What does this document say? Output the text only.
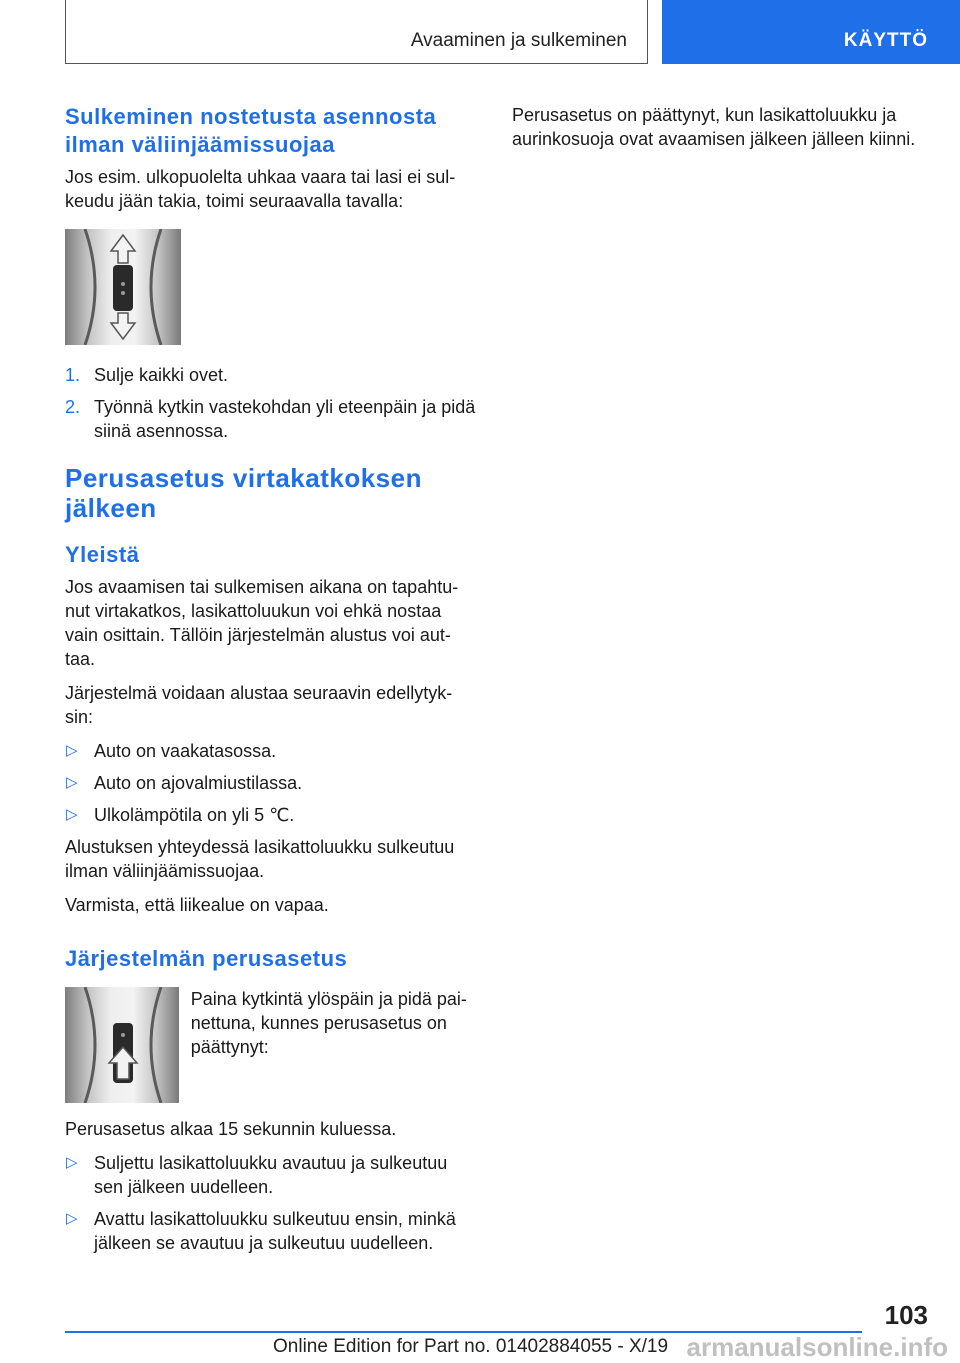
Avaaminen ja sulkeminen	KÄYTTÖ
Sulkeminen nostetusta asennosta ilman väliinjäämissuojaa

Jos esim. ulkopuolelta uhkaa vaara tai lasi ei sul-keudu jään takia, toimi seuraavalla tavalla:

1. Sulje kaikki ovet.
2. Työnnä kytkin vastekohdan yli eteenpäin ja pidä siinä asennossa.
Perusasetus virtakatkoksen jälkeen
Yleistä

Jos avaamisen tai sulkemisen aikana on tapahtu-nut virtakatkos, lasikattoluukun voi ehkä nostaa vain osittain. Tällöin järjestelmän alustus voi aut-taa.

Järjestelmä voidaan alustaa seuraavin edellytyk-sin:

▷ Auto on vaakatasossa.
▷ Auto on ajovalmiustilassa.
▷ Ulkolämpötila on yli 5 ℃.

Alustuksen yhteydessä lasikattoluukku sulkeutuu ilman väliinjäämissuojaa.

Varmista, että liikealue on vapaa.

Järjestelmän perusasetus

Paina kytkintä ylöspäin ja pidä pai-nettuna, kunnes perusasetus on päättynyt:

Perusasetus alkaa 15 sekunnin kuluessa.

▷ Suljettu lasikattoluukku avautuu ja sulkeutuu sen jälkeen uudelleen.
▷ Avattu lasikattoluukku sulkeutuu ensin, minkä jälkeen se avautuu ja sulkeutuu uudelleen.

Perusasetus on päättynyt, kun lasikattoluukku ja aurinkosuoja ovat avaamisen jälkeen jälleen kiinni.

103
Online Edition for Part no. 01402884055 - X/19 armanualsonline.info
